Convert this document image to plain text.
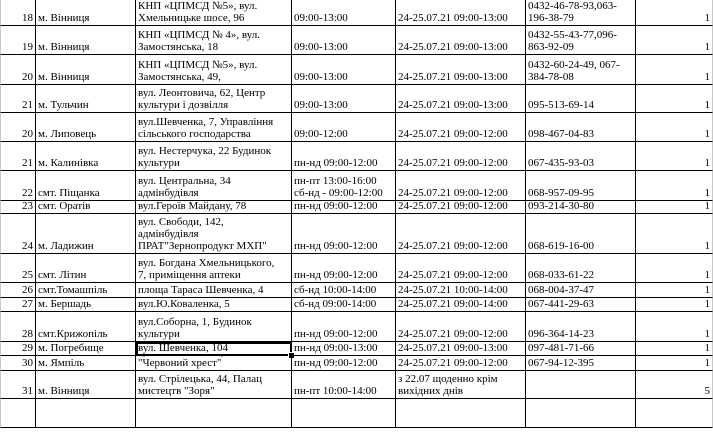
18 м. Вінниця
КНП «ЦПМСД №5», вул.
Хмельницьке шосе, 96	09:00-13:00	24-25.07.21 09:00-13:00
0432-46-78-93,063-
196-38-79	1
19 м. Вінниця
КНП «ЦПМСД № 4», вул.
Замостянська, 18	09:00-13:00	24-25.07.21 09:00-13:00
0432-55-43-77,096-
863-92-09	1
20 м. Вінниця
КНП «ЦПМСД №5», вул.
Замостянська, 49,	09:00-13:00	24-25.07.21 09:00-13:00
0432-60-24-49, 067-
384-78-08	1
21 м. Тульчин
вул. Леонтовича, 62, Центр
культури і дозвілля	09:00-13:00	24-25.07.21 09:00-13:00	095-513-69-14	1
20 м. Липовець
вул.Шевченка, 7, Управління
сільського господарства	09:00-12:00	24-25.07.21 09:00-12:00	098-467-04-83	1
21 м. Калинівка
вул. Нестерчука, 22 Будинок
культури	пн-нд 09:00-12:00	24-25.07.21 09:00-12:00	067-435-93-03	1
22 смт. Піщанка
вул. Центральна, 34
адмінбудівля
пн-пт 13:00-16:00
сб-нд - 09:00-12:00	24-25.07.21 09:00-12:00	068-957-09-95	1
23 смт. Оратів	вул.Героїв Майдану, 78	пн-нд 09:00-12:00	24-25.07.21 09:00-12:00	093-214-30-80	1
24 м. Ладижин
вул. Свободи, 142,
адмінбудівля
ПРАТ"Зернопродукт МХП"	пн-нд 09:00-12:00	24-25.07.21 09:00-12:00	068-619-16-00	1
25 смт. Літин
вул. Богдана Хмельницького,
7, приміщення аптеки	пн-нд 09:00-12:00	24-25.07.21 09:00-12:00	068-033-61-22	1
26 смт.Томашпіль	площа Тараса Шевченка, 4	сб-нд 10:00-14:00	24-25.07.21 10:00-14:00	068-004-37-47	1
27 м. Бершадь	вул.Ю.Коваленка, 5	сб-нд 09:00-14:00	24-25.07.21 09:00-14:00	067-441-29-63	1
28 смт.Крижопіль
вул.Соборна, 1, Будинок
культури	пн-нд 09:00-12:00	24-25.07.21 09:00-12:00	096-364-14-23	1
29 м. Погребище	вул. Шевченка, 104	пн-нд 09:00-13:00	24-25.07.21 09:00-13:00	097-481-71-66	1
30 м. Ямпіль	
"Червоний хрест"	пн-нд 09:00-12:00	24-25.07.21 09:00-12:00	067-94-12-395	1
31 м. Вінниця
вул. Стрілецька, 44, Палац
мистецтв "Зоря"	пн-пт 10:00-14:00
з 22.07 щоденно крім
вихідних днів	5
